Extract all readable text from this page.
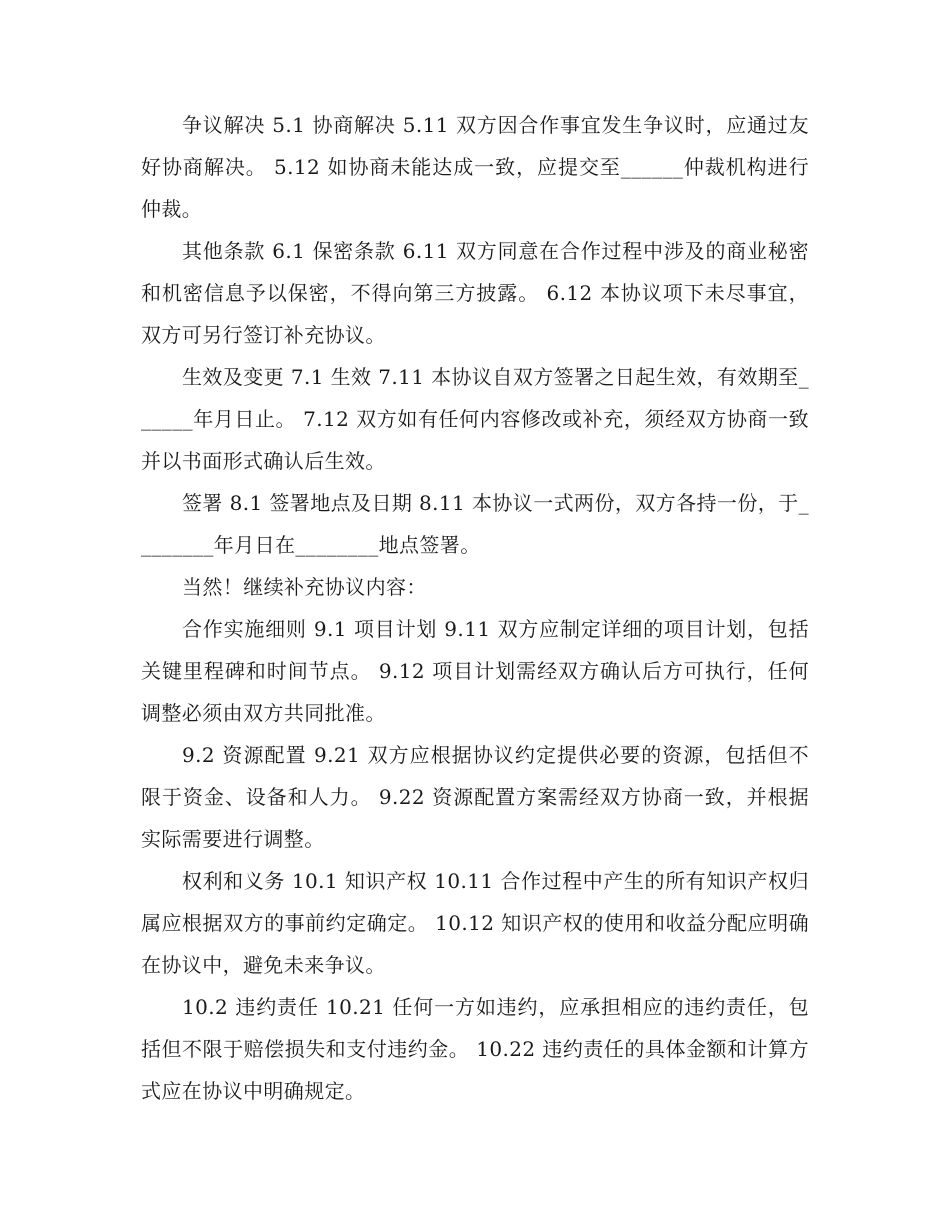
争议解决 5.1 协商解决 5.11 双方因合作事宜发生争议时，应通过友好协商解决。 5.12 如协商未能达成一致，应提交至______仲裁机构进行仲裁。

其他条款 6.1 保密条款 6.11 双方同意在合作过程中涉及的商业秘密和机密信息予以保密，不得向第三方披露。 6.12 本协议项下未尽事宜，双方可另行签订补充协议。

生效及变更 7.1 生效 7.11 本协议自双方签署之日起生效，有效期至______年月日止。 7.12 双方如有任何内容修改或补充，须经双方协商一致并以书面形式确认后生效。

签署 8.1 签署地点及日期 8.11 本协议一式两份，双方各持一份，于________年月日在________地点签署。

当然！继续补充协议内容：

合作实施细则 9.1 项目计划 9.11 双方应制定详细的项目计划，包括关键里程碑和时间节点。 9.12 项目计划需经双方确认后方可执行，任何调整必须由双方共同批准。

9.2 资源配置 9.21 双方应根据协议约定提供必要的资源，包括但不限于资金、设备和人力。 9.22 资源配置方案需经双方协商一致，并根据实际需要进行调整。

权利和义务 10.1 知识产权 10.11 合作过程中产生的所有知识产权归属应根据双方的事前约定确定。 10.12 知识产权的使用和收益分配应明确在协议中，避免未来争议。

10.2 违约责任 10.21 任何一方如违约，应承担相应的违约责任，包括但不限于赔偿损失和支付违约金。 10.22 违约责任的具体金额和计算方式应在协议中明确规定。
